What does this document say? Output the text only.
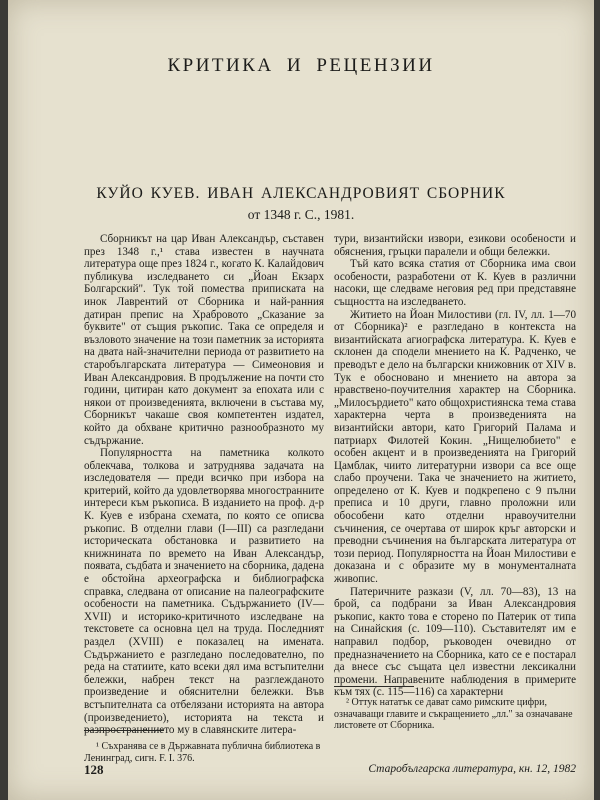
КРИТИКА И РЕЦЕНЗИИ
КУЙО КУЕВ. ИВАН АЛЕКСАНДРОВИЯТ СБОРНИК
от 1348 г. С., 1981.

Сборникът на цар Иван Александър, съставен през 1348 г.,¹ става известен в научната литература още през 1824 г., когато К. Калайдович публикува изследването си „Йоан Екзарх Болгарский". Тук той помества приписката на инок Лаврентий от Сборника и най-ранния датиран препис на Храбровото „Сказание за буквите" от същия ръкопис. Така се определя и възловото значение на този паметник за историята на двата най-значителни периода от развитието на старобългарската литература — Симеоновия и Иван Александровия. В продължение на почти сто години, цитиран като документ за епохата или с някои от произведенията, включени в състава му, Сборникът чакаше своя компетентен издател, който да обхване критично разнообразното му съдържание.

Популярността на паметника колкото облекчава, толкова и затруднява задачата на изследователя — преди всичко при избора на критерий, който да удовлетворява многостранните интереси към ръкописа. В изданието на проф. д-р К. Куев е избрана схемата, по която се описва ръкопис. В отделни глави (I—III) са разгледани историческата обстановка и развитието на книжнината по времето на Иван Александър, появата, съдбата и значението на сборника, дадена е обстойна археографска и библиографска справка, следвана от описание на палеографските особености на паметника. Съдържанието (IV—XVII) и историко-критичното изследване на текстовете са основна цел на труда. Последният раздел (XVIII) е показалец на имената. Съдържанието е разгледано последователно, по реда на статиите, като всеки дял има встъпителни бележки, набрен текст на разглежданото произведение и обяснителни бележки. Във встъпителната са отбелязани историята на автора (произведението), историята на текста и разпространението му в славянските литера-

¹ Съхранява се в Държавната публична библиотека в Ленинград, сигн. F. I. 376.

тури, византийски извори, езикови особености и обяснения, гръцки паралели и общи бележки.

Тъй като всяка статия от Сборника има свои особености, разработени от К. Куев в различни насоки, ще следваме неговия ред при представяне същността на изследването.

Житието на Йоан Милостиви (гл. IV, лл. 1—70 от Сборника)² е разгледано в контекста на византийската агиографска литература. К. Куев е склонен да сподели мнението на К. Радченко, че преводът е дело на български книжовник от XIV в. Тук е обосновано и мнението на автора за нравствено-поучителния характер на Сборника. „Милосърдието" като общохристиянска тема става характерна черта в произведенията на византийски автори, като Григорий Палама и патриарх Филотей Кокин. „Нищелюбието" е особен акцент и в произведенията на Григорий Цамблак, чиито литературни извори са все още слабо проучени. Така че значението на житието, определено от К. Куев и подкрепено с 9 пълни преписа и 10 други, главно проложни или обособени като отделни нравоучителни съчинения, се очертава от широк кръг авторски и преводни съчинения на българската литература от този период. Популярността на Йоан Милостиви е доказана и с образите му в монументалната живопис.

Патеричните разкази (V, лл. 70—83), 13 на брой, са подбрани за Иван Александровия ръкопис, както това е сторено по Патерик от типа на Синайския (с. 109—110). Съставителят им е направил подбор, ръководен очевидно от предназначението на Сборника, като се е постарал да внесе със същата цел известни лексикални промени. Направените наблюдения в примерите към тях (с. 115—116) са характерни

² Оттук нататък се дават само римските цифри, означаващи главите и съкращението „лл." за означаване листовете от Сборника.

128	Старобългарска литература, кн. 12, 1982
